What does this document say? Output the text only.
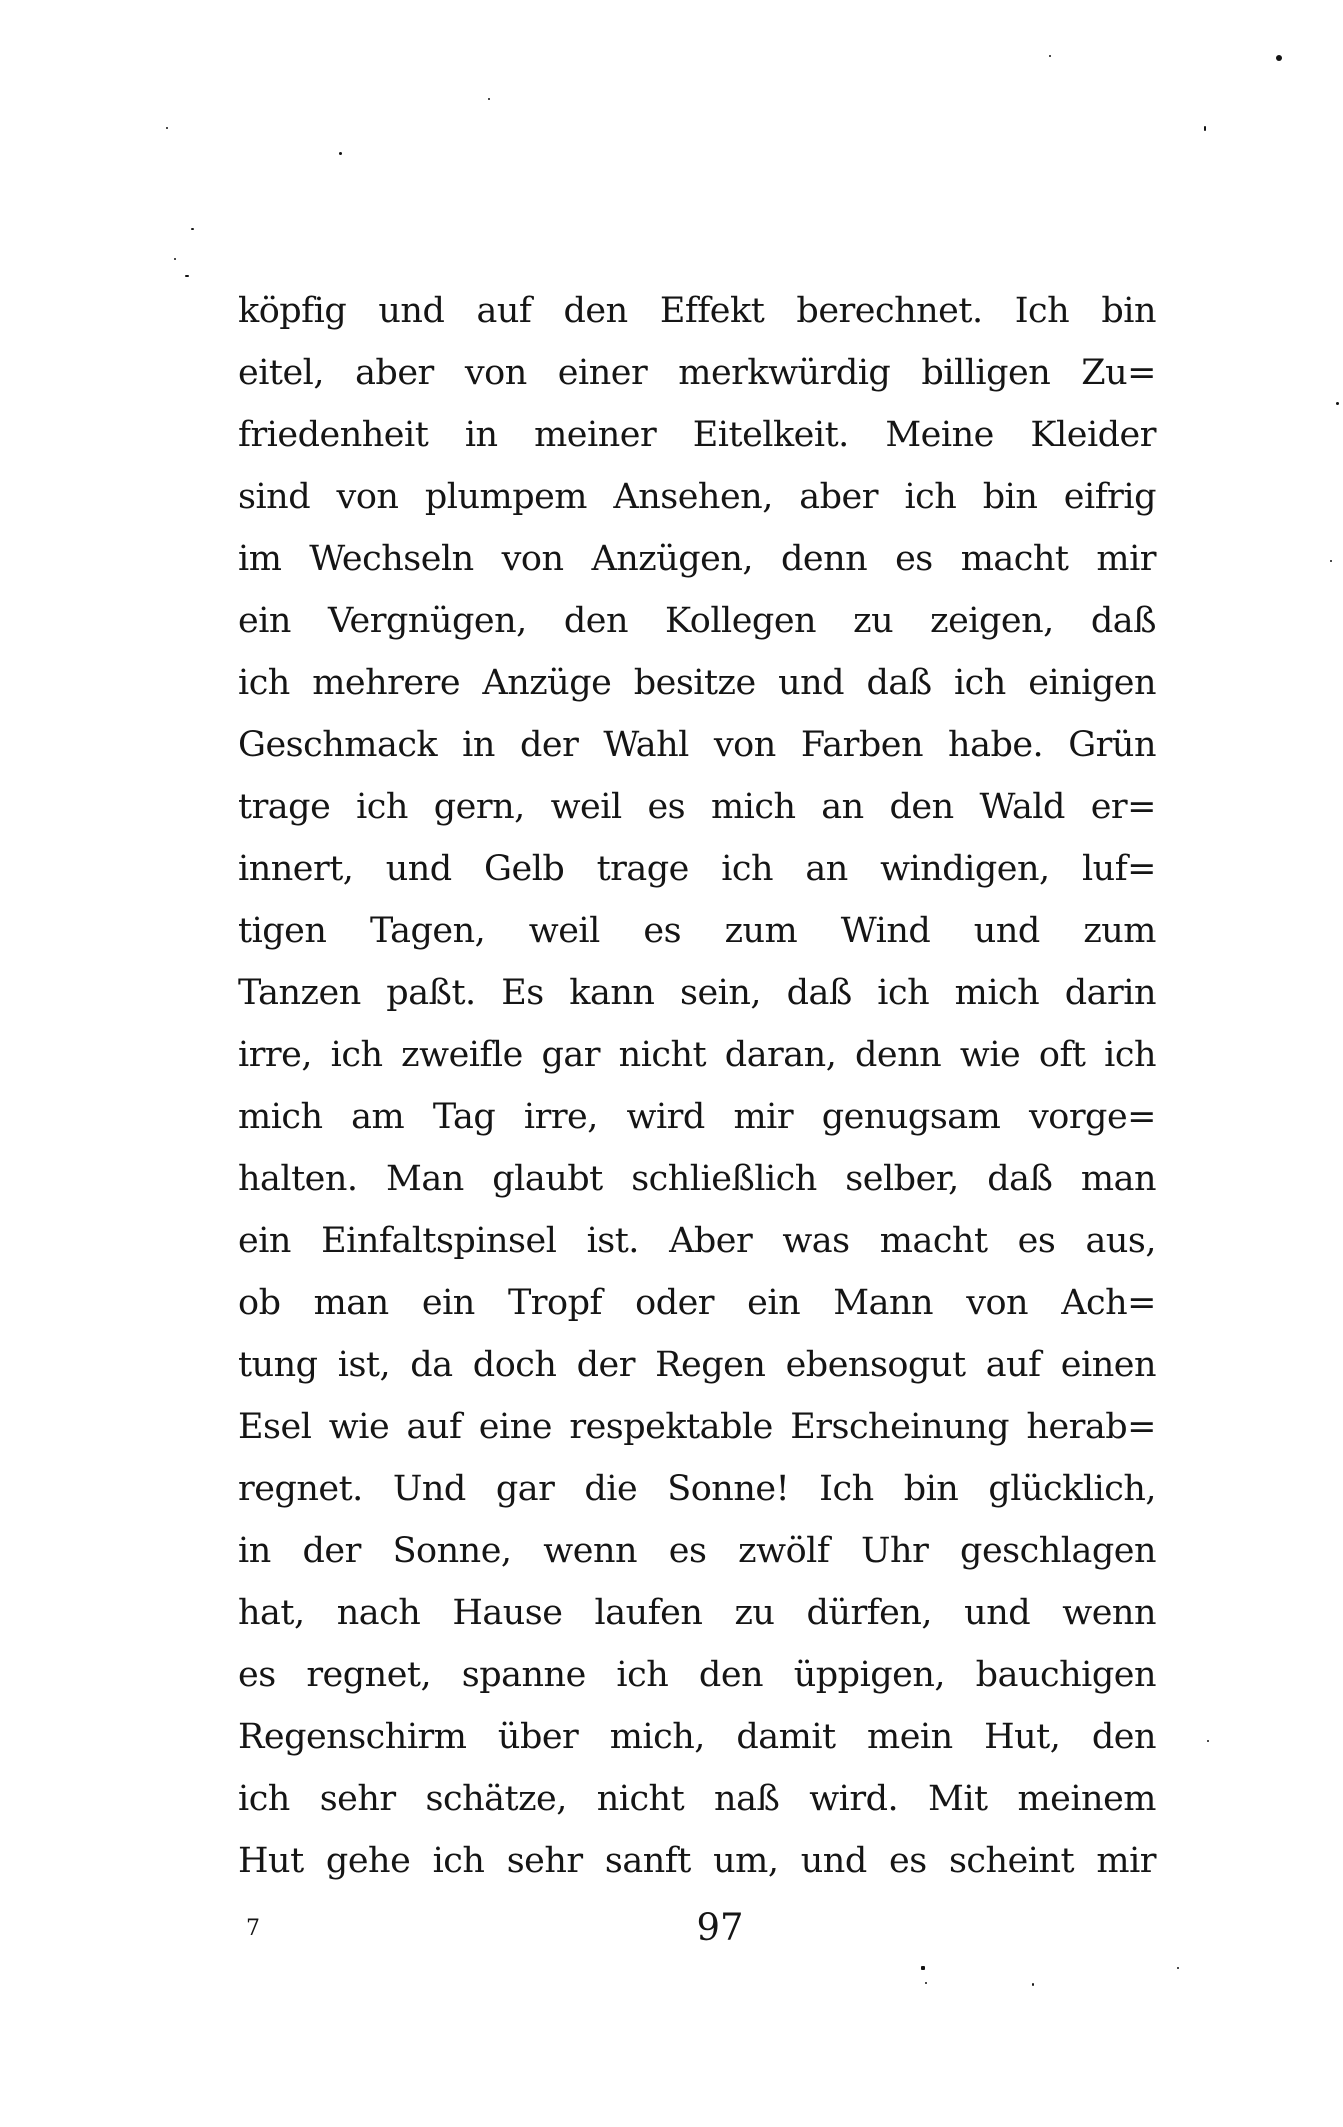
köpfig und auf den Effekt berechnet. Ich bin
eitel, aber von einer merkwürdig billigen Zu=
friedenheit in meiner Eitelkeit. Meine Kleider
sind von plumpem Ansehen, aber ich bin eifrig
im Wechseln von Anzügen, denn es macht mir
ein Vergnügen, den Kollegen zu zeigen, daß
ich mehrere Anzüge besitze und daß ich einigen
Geschmack in der Wahl von Farben habe. Grün
trage ich gern, weil es mich an den Wald er=
innert, und Gelb trage ich an windigen, luf=
tigen Tagen, weil es zum Wind und zum
Tanzen paßt. Es kann sein, daß ich mich darin
irre, ich zweifle gar nicht daran, denn wie oft ich
mich am Tag irre, wird mir genugsam vorge=
halten. Man glaubt schließlich selber, daß man
ein Einfaltspinsel ist. Aber was macht es aus,
ob man ein Tropf oder ein Mann von Ach=
tung ist, da doch der Regen ebensogut auf einen
Esel wie auf eine respektable Erscheinung herab=
regnet. Und gar die Sonne! Ich bin glücklich,
in der Sonne, wenn es zwölf Uhr geschlagen
hat, nach Hause laufen zu dürfen, und wenn
es regnet, spanne ich den üppigen, bauchigen
Regenschirm über mich, damit mein Hut, den
ich sehr schätze, nicht naß wird. Mit meinem
Hut gehe ich sehr sanft um, und es scheint mir
7	97
